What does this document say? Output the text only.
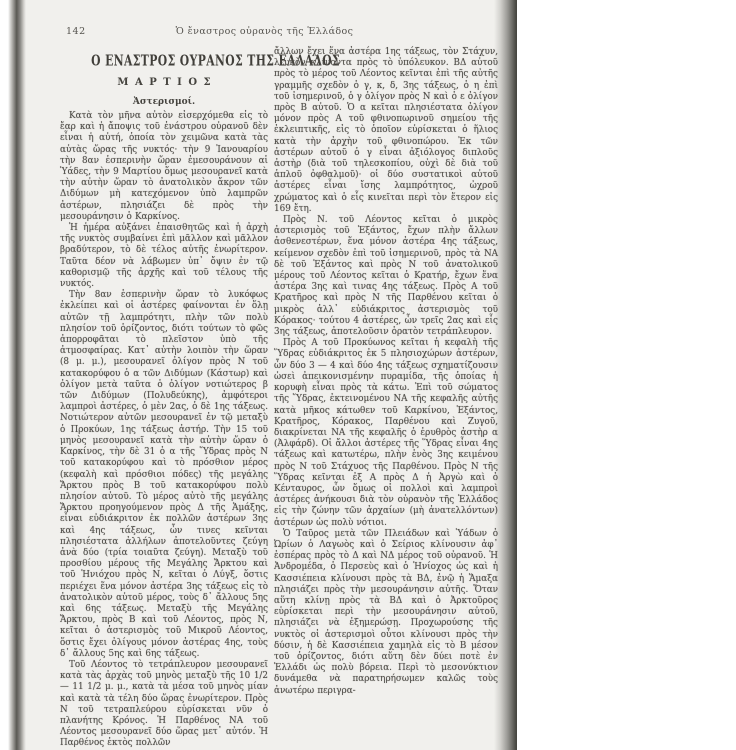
142	Ὁ ἔναστρος οὐρανὸς τῆς Ἑλλάδος
Ο ΕΝΑΣΤΡΟΣ ΟΥΡΑΝΟΣ ΤΗΣ ΕΛΛΑΔΟΣ
ΜΑΡΤΙΟΣ
Ἀστερισμοί.

Κατὰ τὸν μῆνα αὐτὸν εἰσερχόμεθα εἰς τὸ ἔαρ καὶ ἡ ἄποψις τοῦ ἐνάστρου οὐρανοῦ δὲν εἶναι ἡ αὐτή, ὁποία τὸν χειμῶνα κατὰ τὰς αὐτὰς ὥρας τῆς νυκτός· τὴν 9 Ἰανουαρίου τὴν 8αν ἑσπερινὴν ὥραν ἐμεσουράνουν αἱ Ὑάδες, τὴν 9 Μαρτίου ὅμως μεσουρανεῖ κατὰ τὴν αὐτὴν ὥραν τὸ ἀνατολικὸν ἄκρον τῶν Διδύμων μὴ κατεχόμενον ὑπὸ λαμπρῶν ἀστέρων, πλησιάζει δὲ πρὸς τὴν μεσουράνησιν ὁ Καρκίνος.

Ἡ ἡμέρα αὐξάνει ἐπαισθητῶς καὶ ἡ ἀρχὴ τῆς νυκτὸς συμβαίνει ἐπὶ μᾶλλον καὶ μᾶλλον βραδύτερον, τὸ δὲ τέλος αὐτῆς ἐνωρίτερον. Ταῦτα δέον νὰ λάβωμεν ὑπ᾽ ὄψιν ἐν τῷ καθορισμῷ τῆς ἀρχῆς καὶ τοῦ τέλους τῆς νυκτός.

Τὴν 8αν ἑσπερινὴν ὥραν τὸ λυκόφως ἐκλείπει καὶ οἱ ἀστέρες φαίνονται ἐν ὅλῃ αὐτῶν τῇ λαμπρότητι, πλὴν τῶν πολὺ πλησίον τοῦ ὁρίζοντος, διότι τούτων τὸ φῶς ἀπορροφᾶται τὸ πλεῖστον ὑπὸ τῆς ἀτμοσφαίρας. Κατ᾽ αὐτὴν λοιπὸν τὴν ὥραν (8 μ. μ.), μεσουρανεῖ ὀλίγον πρὸς Ν τοῦ κατακορύφου ὁ α τῶν Διδύμων (Κάστωρ) καὶ ὀλίγον μετὰ ταῦτα ὁ ὀλίγον νοτιώτερος β τῶν Διδύμων (Πολυδεύκης), ἀμφότεροι λαμπροὶ ἀστέρες, ὁ μὲν 2ας, ὁ δὲ 1ης τάξεως. Νοτιώτερον αὐτῶν μεσουρανεῖ ἐν τῷ μεταξὺ ὁ Προκύων, 1ης τάξεως ἀστήρ. Τὴν 15 τοῦ μηνὸς μεσουρανεῖ κατὰ τὴν αὐτὴν ὥραν ὁ Καρκίνος, τὴν δὲ 31 ὁ α τῆς Ὕδρας πρὸς Ν τοῦ κατακορύφου καὶ τὸ πρόσθιον μέρος (κεφαλὴ καὶ πρόσθιοι πόδες) τῆς μεγάλης Ἄρκτου πρὸς Β τοῦ κατακορύφου πολὺ πλησίον αὐτοῦ. Τὸ μέρος αὐτὸ τῆς μεγάλης Ἄρκτου προηγούμενον πρὸς Δ τῆς Ἁμάξης, εἶναι εὐδιάκριτον ἐκ πολλῶν ἀστέρων 3ης καὶ 4ης τάξεως, ὧν τινες κεῖνται πλησιέστατα ἀλλήλων ἀποτελοῦντες ζεύγη ἀνὰ δύο (τρία τοιαῦτα ζεύγη). Μεταξὺ τοῦ προσθίου μέρους τῆς Μεγάλης Ἄρκτου καὶ τοῦ Ἡνιόχου πρὸς Ν, κεῖται ὁ Λύγξ, ὅστις περιέχει ἕνα μόνον ἀστέρα 3ης τάξεως εἰς τὸ ἀνατολικὸν αὑτοῦ μέρος, τοὺς δ᾽ ἄλλους 5ης καὶ 6ης τάξεως. Μεταξὺ τῆς Μεγάλης Ἄρκτου, πρὸς Β καὶ τοῦ Λέοντος, πρὸς Ν, κεῖται ὁ ἀστερισμὸς τοῦ Μικροῦ Λέοντος, ὅστις ἔχει ὀλίγους μόνον ἀστέρας 4ης, τοὺς δ᾽ ἄλλους 5ης καὶ 6ης τάξεως.

Τοῦ Λέοντος τὸ τετράπλευρον μεσουρανεῖ κατὰ τὰς ἀρχὰς τοῦ μηνὸς μεταξὺ τῆς 10 1/2 — 11 1/2 μ. μ., κατὰ τὰ μέσα τοῦ μηνὸς μίαν καὶ κατὰ τὰ τέλη δύο ὥρας ἐνωρίτερον. Πρὸς Ν τοῦ τετραπλεύρου εὑρίσκεται νῦν ὁ πλανήτης Κρόνος. Ἡ Παρθένος ΝΑ τοῦ Λέοντος μεσουρανεῖ δύο ὥρας μετ᾽ αὐτόν. Ἡ Παρθένος ἐκτὸς πολλῶν

ἄλλων ἔχει ἕνα ἀστέρα 1ης τάξεως, τὸν Στάχυν, λευκὸν κλίνοντα πρὸς τὸ ὑπόλευκον. ΒΔ αὐτοῦ πρὸς τὸ μέρος τοῦ Λέοντος κεῖνται ἐπὶ τῆς αὐτῆς γραμμῆς σχεδὸν ὁ γ, κ, δ, 3ης τάξεως, ὁ η ἐπὶ τοῦ ἰσημερινοῦ, ὁ γ ὀλίγον πρὸς Ν καὶ ὁ ε ὀλίγον πρὸς Β αὐτοῦ. Ὁ α κεῖται πλησιέστατα ὀλίγον μόνον πρὸς Α τοῦ φθινοπωρινοῦ σημείου τῆς ἐκλειπτικῆς, εἰς τὸ ὁποῖον εὑρίσκεται ὁ ἥλιος κατὰ τὴν ἀρχὴν τοῦ φθινοπώρου. Ἐκ τῶν ἀστέρων αὐτοῦ ὁ γ εἶναι ἀξιόλογος διπλοῦς ἀστὴρ (διὰ τοῦ τηλεσκοπίου, οὐχὶ δὲ διὰ τοῦ ἁπλοῦ ὀφθαλμοῦ)· οἱ δύο συστατικοὶ αὐτοῦ ἀστέρες εἶναι ἴσης λαμπρότητος, ὠχροῦ χρώματος καὶ ὁ εἷς κινεῖται περὶ τὸν ἕτερον εἰς 169 ἔτη.

Πρὸς Ν. τοῦ Λέοντος κεῖται ὁ μικρὸς ἀστερισμὸς τοῦ Ἑξάντος, ἔχων πλὴν ἄλλων ἀσθενεστέρων, ἕνα μόνον ἀστέρα 4ης τάξεως, κείμενον σχεδὸν ἐπὶ τοῦ ἰσημερινοῦ, πρὸς τὰ ΝΑ δὲ τοῦ Ἑξάντος καὶ πρὸς Ν τοῦ ἀνατολικοῦ μέρους τοῦ Λέοντος κεῖται ὁ Κρατήρ, ἔχων ἕνα ἀστέρα 3ης καὶ τινας 4ης τάξεως. Πρὸς Α τοῦ Κρατῆρος καὶ πρὸς Ν τῆς Παρθένου κεῖται ὁ μικρὸς ἀλλ᾽ εὐδιάκριτος ἀστερισμὸς τοῦ Κόρακος· τούτου 4 ἀστέρες, ὧν τρεῖς 2ας καὶ εἷς 3ης τάξεως, ἀποτελοῦσιν ὁρατὸν τετράπλευρον.

Πρὸς Α τοῦ Προκύωνος κεῖται ἡ κεφαλὴ τῆς Ὕδρας εὐδιάκριτος ἐκ 5 πλησιοχώρων ἀστέρων, ὧν δύο 3 — 4 καὶ δύο 4ης τάξεως σχηματίζουσιν ὡσεὶ ἀπεικονισμένην πυραμίδα, τῆς ὁποίας ἡ κορυφὴ εἶναι πρὸς τὰ κάτω. Ἐπὶ τοῦ σώματος τῆς Ὕδρας, ἐκτεινομένου ΝΑ τῆς κεφαλῆς αὐτῆς κατὰ μῆκος κάτωθεν τοῦ Καρκίνου, Ἑξάντος, Κρατῆρος, Κόρακος, Παρθένου καὶ Ζυγοῦ, διακρίνεται ΝΑ τῆς κεφαλῆς ὁ ἐρυθρὸς ἀστὴρ α (Ἀλφάρδ). Οἱ ἄλλοι ἀστέρες τῆς Ὕδρας εἶναι 4ης τάξεως καὶ κατωτέρω, πλὴν ἑνὸς 3ης κειμένου πρὸς Ν τοῦ Στάχυος τῆς Παρθένου. Πρὸς Ν τῆς Ὕδρας κεῖνται ἐξ Α πρὸς Δ ἡ Ἀργὼ καὶ ὁ Κένταυρος, ὧν ὅμως οἱ πολλοὶ καὶ λαμπροὶ ἀστέρες ἀνήκουσι διὰ τὸν οὐρανὸν τῆς Ἑλλάδος εἰς τὴν ζώνην τῶν ἀρχαίων (μὴ ἀνατελλόντων) ἀστέρων ὡς πολὺ νότιοι.

Ὁ Ταῦρος μετὰ τῶν Πλειάδων καὶ Ὑάδων ὁ Ὠρίων ὁ Λαγωὸς καὶ ὁ Σείριος κλίνουσιν ἀφ᾽ ἑσπέρας πρὸς τὸ Δ καὶ ΝΔ μέρος τοῦ οὐρανοῦ. Ἡ Ἀνδρομέδα, ὁ Περσεὺς καὶ ὁ Ἡνίοχος ὡς καὶ ἡ Κασσιέπεια κλίνουσι πρὸς τὰ ΒΔ, ἐνῷ ἡ Ἅμαξα πλησιάζει πρὸς τὴν μεσουράνησιν αὐτῆς. Ὅταν αὕτη κλίνῃ πρὸς τὰ ΒΔ καὶ ὁ Ἀρκτοῦρος εὑρίσκεται περὶ τὴν μεσουράνησιν αὐτοῦ, πλησιάζει νὰ ἐξημερώσῃ. Προχωρούσης τῆς νυκτὸς οἱ ἀστερισμοὶ οὗτοι κλίνουσι πρὸς τὴν δύσιν, ἡ δὲ Κασσιέπεια χαμηλὰ εἰς τὸ Β μέσον τοῦ ὁρίζοντος, διότι αὕτη δὲν δύει ποτὲ ἐν Ἑλλάδι ὡς πολὺ βόρεια. Περὶ τὸ μεσονύκτιον δυνάμεθα νὰ παρατηρήσωμεν καλῶς τοὺς ἀνωτέρω περιγρα-
